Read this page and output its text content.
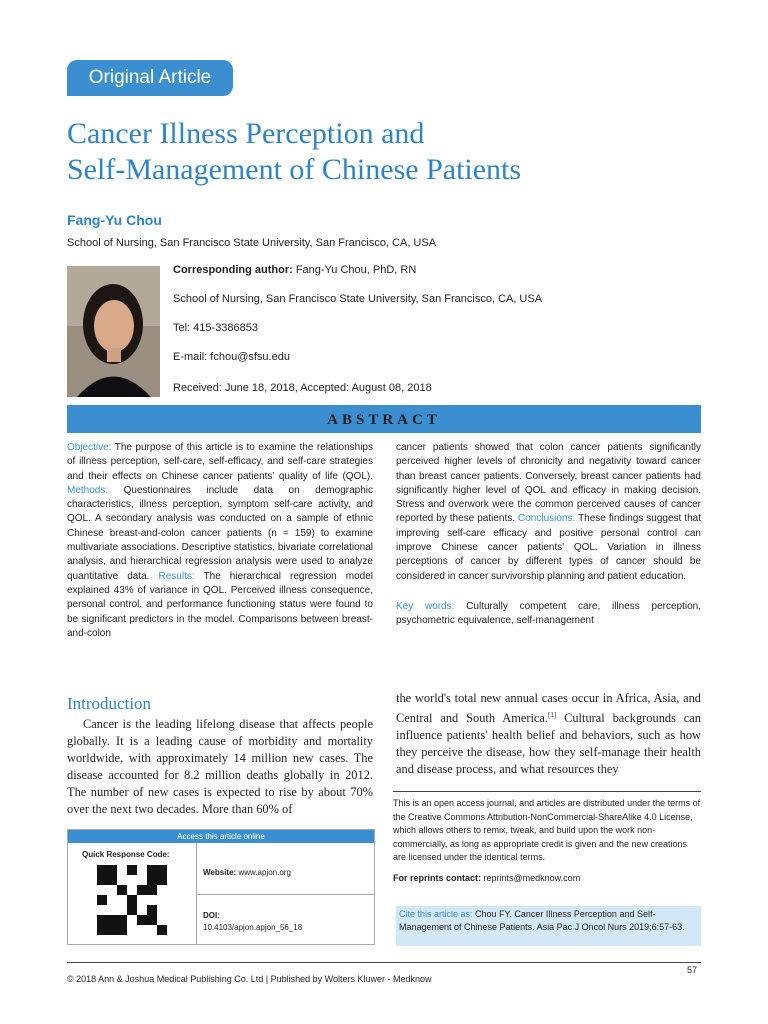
Original Article
Cancer Illness Perception and
Self-Management of Chinese Patients
Fang-Yu Chou
School of Nursing, San Francisco State University, San Francisco, CA, USA
Corresponding author: Fang-Yu Chou, PhD, RN
School of Nursing, San Francisco State University, San Francisco, CA, USA
Tel: 415-3386853
E-mail: fchou@sfsu.edu
Received: June 18, 2018, Accepted: August 08, 2018
ABSTRACT
Objective: The purpose of this article is to examine the relationships of illness perception, self-care, self-efficacy, and self-care strategies and their effects on Chinese cancer patients' quality of life (QOL). Methods: Questionnaires include data on demographic characteristics, illness perception, symptom self-care activity, and QOL. A secondary analysis was conducted on a sample of ethnic Chinese breast-and-colon cancer patients (n = 159) to examine multivariate associations. Descriptive statistics, bivariate correlational analysis, and hierarchical regression analysis were used to analyze quantitative data. Results: The hierarchical regression model explained 43% of variance in QOL. Perceived illness consequence, personal control, and performance functioning status were found to be significant predictors in the model. Comparisons between breast-and-colon
cancer patients showed that colon cancer patients significantly perceived higher levels of chronicity and negativity toward cancer than breast cancer patients. Conversely, breast cancer patients had significantly higher level of QOL and efficacy in making decision. Stress and overwork were the common perceived causes of cancer reported by these patients. Conclusions: These findings suggest that improving self-care efficacy and positive personal control can improve Chinese cancer patients' QOL. Variation in illness perceptions of cancer by different types of cancer should be considered in cancer survivorship planning and patient education.
Key words: Culturally competent care, illness perception, psychometric equivalence, self-management
Introduction
Cancer is the leading lifelong disease that affects people globally. It is a leading cause of morbidity and mortality worldwide, with approximately 14 million new cases. The disease accounted for 8.2 million deaths globally in 2012. The number of new cases is expected to rise by about 70% over the next two decades. More than 60% of
the world's total new annual cases occur in Africa, Asia, and Central and South America.[1] Cultural backgrounds can influence patients' health belief and behaviors, such as how they perceive the disease, how they self-manage their health and disease process, and what resources they
Access this article online
Quick Response Code:
Website: www.apjon.org
DOI:
10.4103/apjon.apjon_56_18
This is an open access journal, and articles are distributed under the terms of the Creative Commons Attribution-NonCommercial-ShareAlike 4.0 License, which allows others to remix, tweak, and build upon the work non-commercially, as long as appropriate credit is given and the new creations are licensed under the identical terms.
For reprints contact: reprints@medknow.com
Cite this article as: Chou FY. Cancer Illness Perception and Self-Management of Chinese Patients. Asia Pac J Oncol Nurs 2019;6:57-63.
© 2018 Ann & Joshua Medical Publishing Co. Ltd | Published by Wolters Kluwer - Medknow
57
